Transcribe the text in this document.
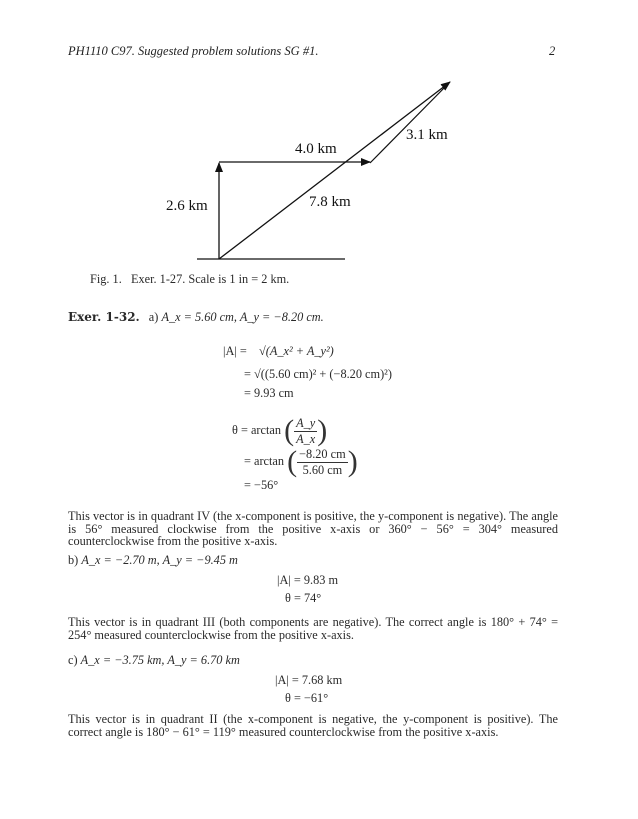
PH1110 C97. Suggested problem solutions SG #1.	2
2.6 km
4.0 km
3.1 km
7.8 km
Fig. 1.   Exer. 1-27. Scale is 1 in = 2 km.
Exer. 1-32. a) A_x = 5.60 cm, A_y = −8.20 cm.
|A| = √(A_x² + A_y²)
= √((5.60 cm)² + (−8.20 cm)²)
= 9.93 cm
θ = arctan ( $\frac{A\_y}{A\_x}$ )
= arctan ( $\frac{-8.20 cm}{5.60 cm}$ )
= −56°
This vector is in quadrant IV (the x-component is positive, the y-component is negative). The angle is 56° measured clockwise from the positive x-axis or 360° − 56° = 304° measured counterclockwise from the positive x-axis.
b) A_x = −2.70 m, A_y = −9.45 m
|A| = 9.83 m
θ = 74°
This vector is in quadrant III (both components are negative). The correct angle is 180° + 74° = 254° measured counterclockwise from the positive x-axis.
c) A_x = −3.75 km, A_y = 6.70 km
|A| = 7.68 km
θ = −61°
This vector is in quadrant II (the x-component is negative, the y-component is positive). The correct angle is 180° − 61° = 119° measured counterclockwise from the positive x-axis.
